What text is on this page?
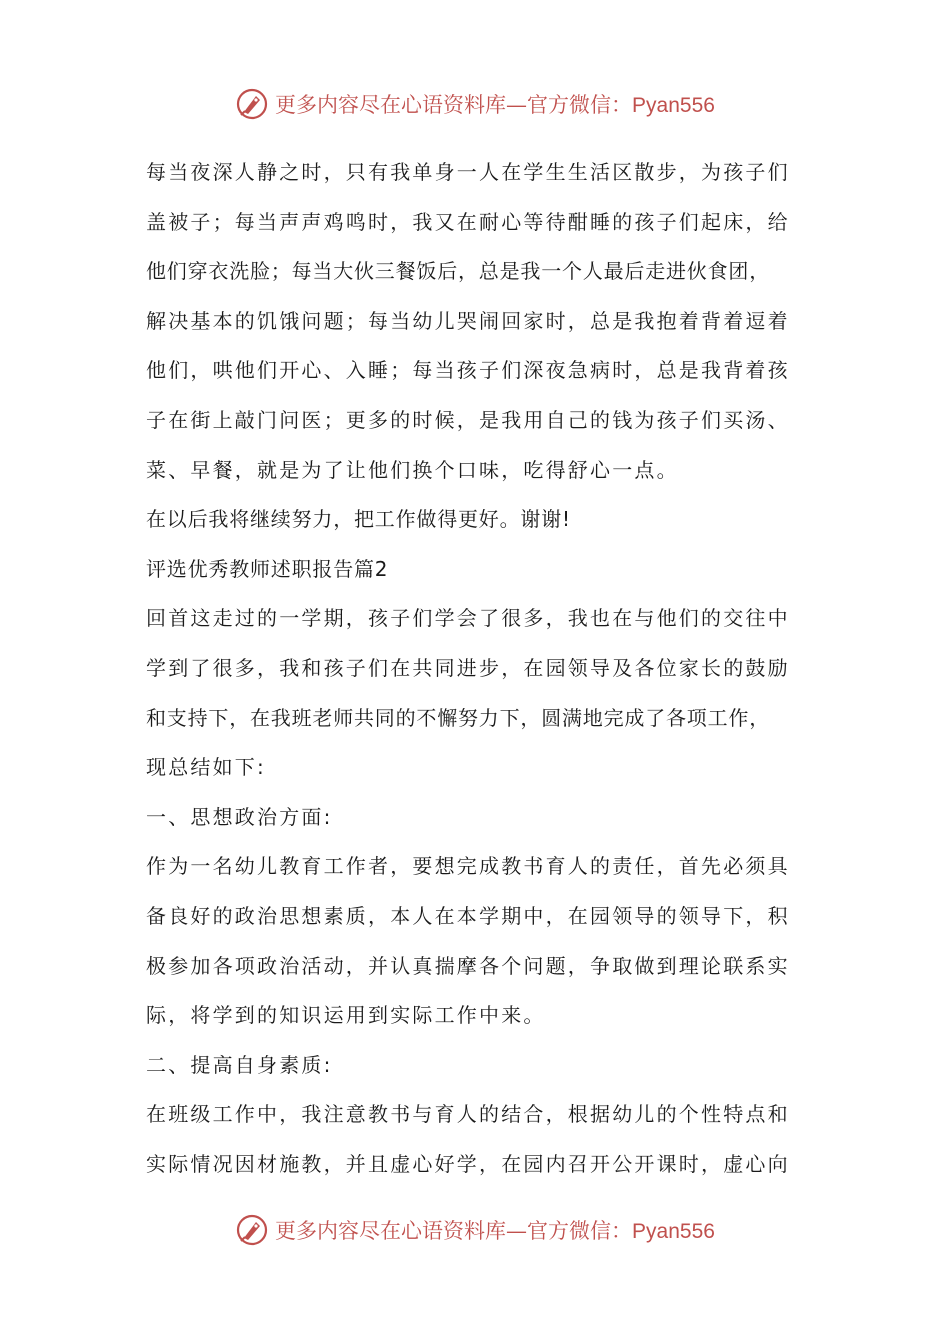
更多内容尽在心语资料库—官方微信：Pyan556
每当夜深人静之时，只有我单身一人在学生生活区散步，为孩子们
盖被子；每当声声鸡鸣时，我又在耐心等待酣睡的孩子们起床，给
他们穿衣洗脸；每当大伙三餐饭后，总是我一个人最后走进伙食团，
解决基本的饥饿问题；每当幼儿哭闹回家时，总是我抱着背着逗着
他们，哄他们开心、入睡；每当孩子们深夜急病时，总是我背着孩
子在街上敲门问医；更多的时候，是我用自己的钱为孩子们买汤、
菜、早餐，就是为了让他们换个口味，吃得舒心一点。
在以后我将继续努力，把工作做得更好。谢谢!
评选优秀教师述职报告篇2
回首这走过的一学期，孩子们学会了很多，我也在与他们的交往中
学到了很多，我和孩子们在共同进步，在园领导及各位家长的鼓励
和支持下，在我班老师共同的不懈努力下，圆满地完成了各项工作，
现总结如下:
一、思想政治方面:
作为一名幼儿教育工作者，要想完成教书育人的责任，首先必须具
备良好的政治思想素质，本人在本学期中，在园领导的领导下，积
极参加各项政治活动，并认真揣摩各个问题，争取做到理论联系实
际，将学到的知识运用到实际工作中来。
二、提高自身素质:
在班级工作中，我注意教书与育人的结合，根据幼儿的个性特点和
实际情况因材施教，并且虚心好学，在园内召开公开课时，虚心向
更多内容尽在心语资料库—官方微信：Pyan556
